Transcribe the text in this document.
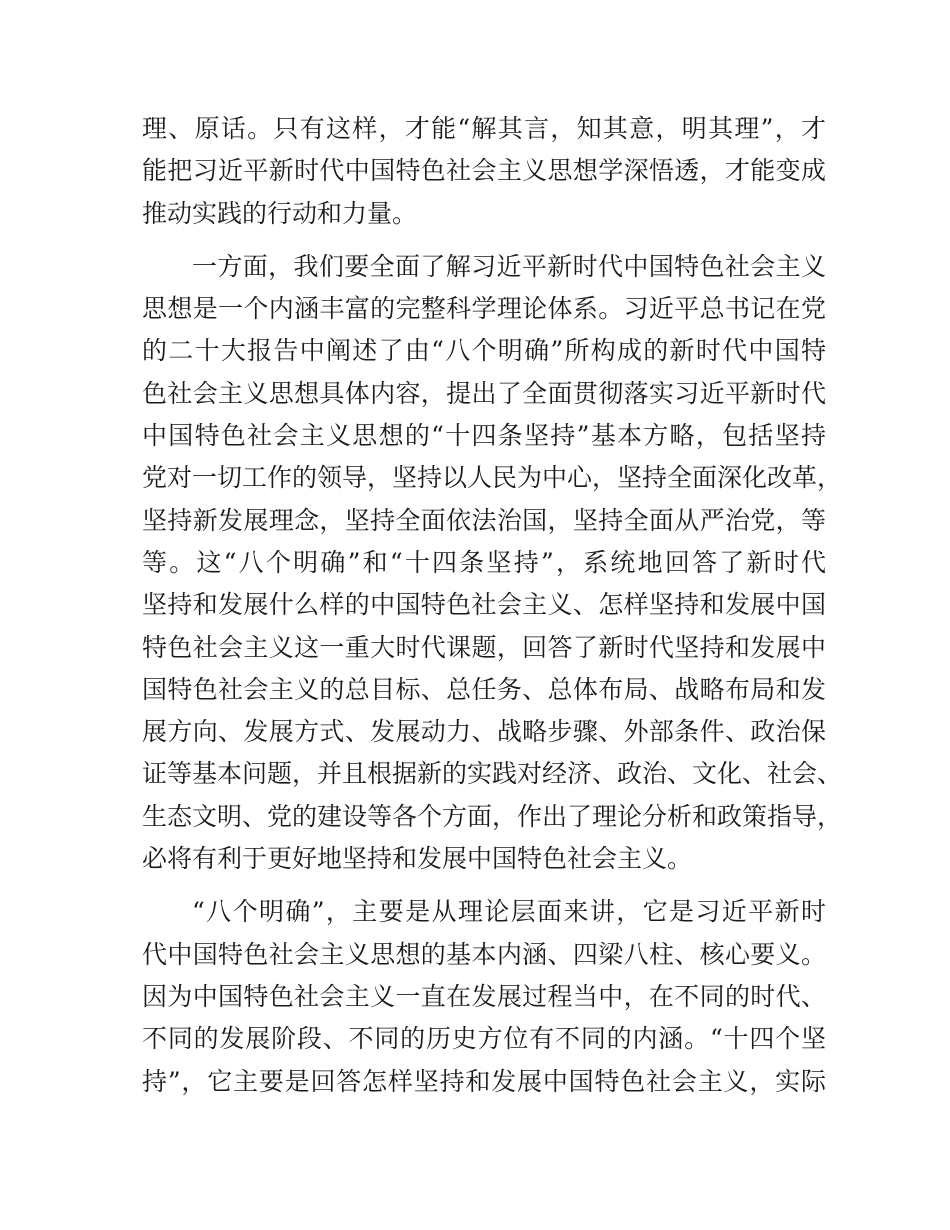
理、原话。只有这样，才能“解其言，知其意，明其理”，才
能把习近平新时代中国特色社会主义思想学深悟透，才能变成
推动实践的行动和力量。

一方面，我们要全面了解习近平新时代中国特色社会主义
思想是一个内涵丰富的完整科学理论体系。习近平总书记在党
的二十大报告中阐述了由“八个明确”所构成的新时代中国特
色社会主义思想具体内容，提出了全面贯彻落实习近平新时代
中国特色社会主义思想的“十四条坚持”基本方略，包括坚持
党对一切工作的领导，坚持以人民为中心，坚持全面深化改革，
坚持新发展理念，坚持全面依法治国，坚持全面从严治党，等
等。这“八个明确”和“十四条坚持”，系统地回答了新时代
坚持和发展什么样的中国特色社会主义、怎样坚持和发展中国
特色社会主义这一重大时代课题，回答了新时代坚持和发展中
国特色社会主义的总目标、总任务、总体布局、战略布局和发
展方向、发展方式、发展动力、战略步骤、外部条件、政治保
证等基本问题，并且根据新的实践对经济、政治、文化、社会、
生态文明、党的建设等各个方面，作出了理论分析和政策指导，
必将有利于更好地坚持和发展中国特色社会主义。

“八个明确”，主要是从理论层面来讲，它是习近平新时
代中国特色社会主义思想的基本内涵、四梁八柱、核心要义。
因为中国特色社会主义一直在发展过程当中，在不同的时代、
不同的发展阶段、不同的历史方位有不同的内涵。“十四个坚
持”，它主要是回答怎样坚持和发展中国特色社会主义，实际
